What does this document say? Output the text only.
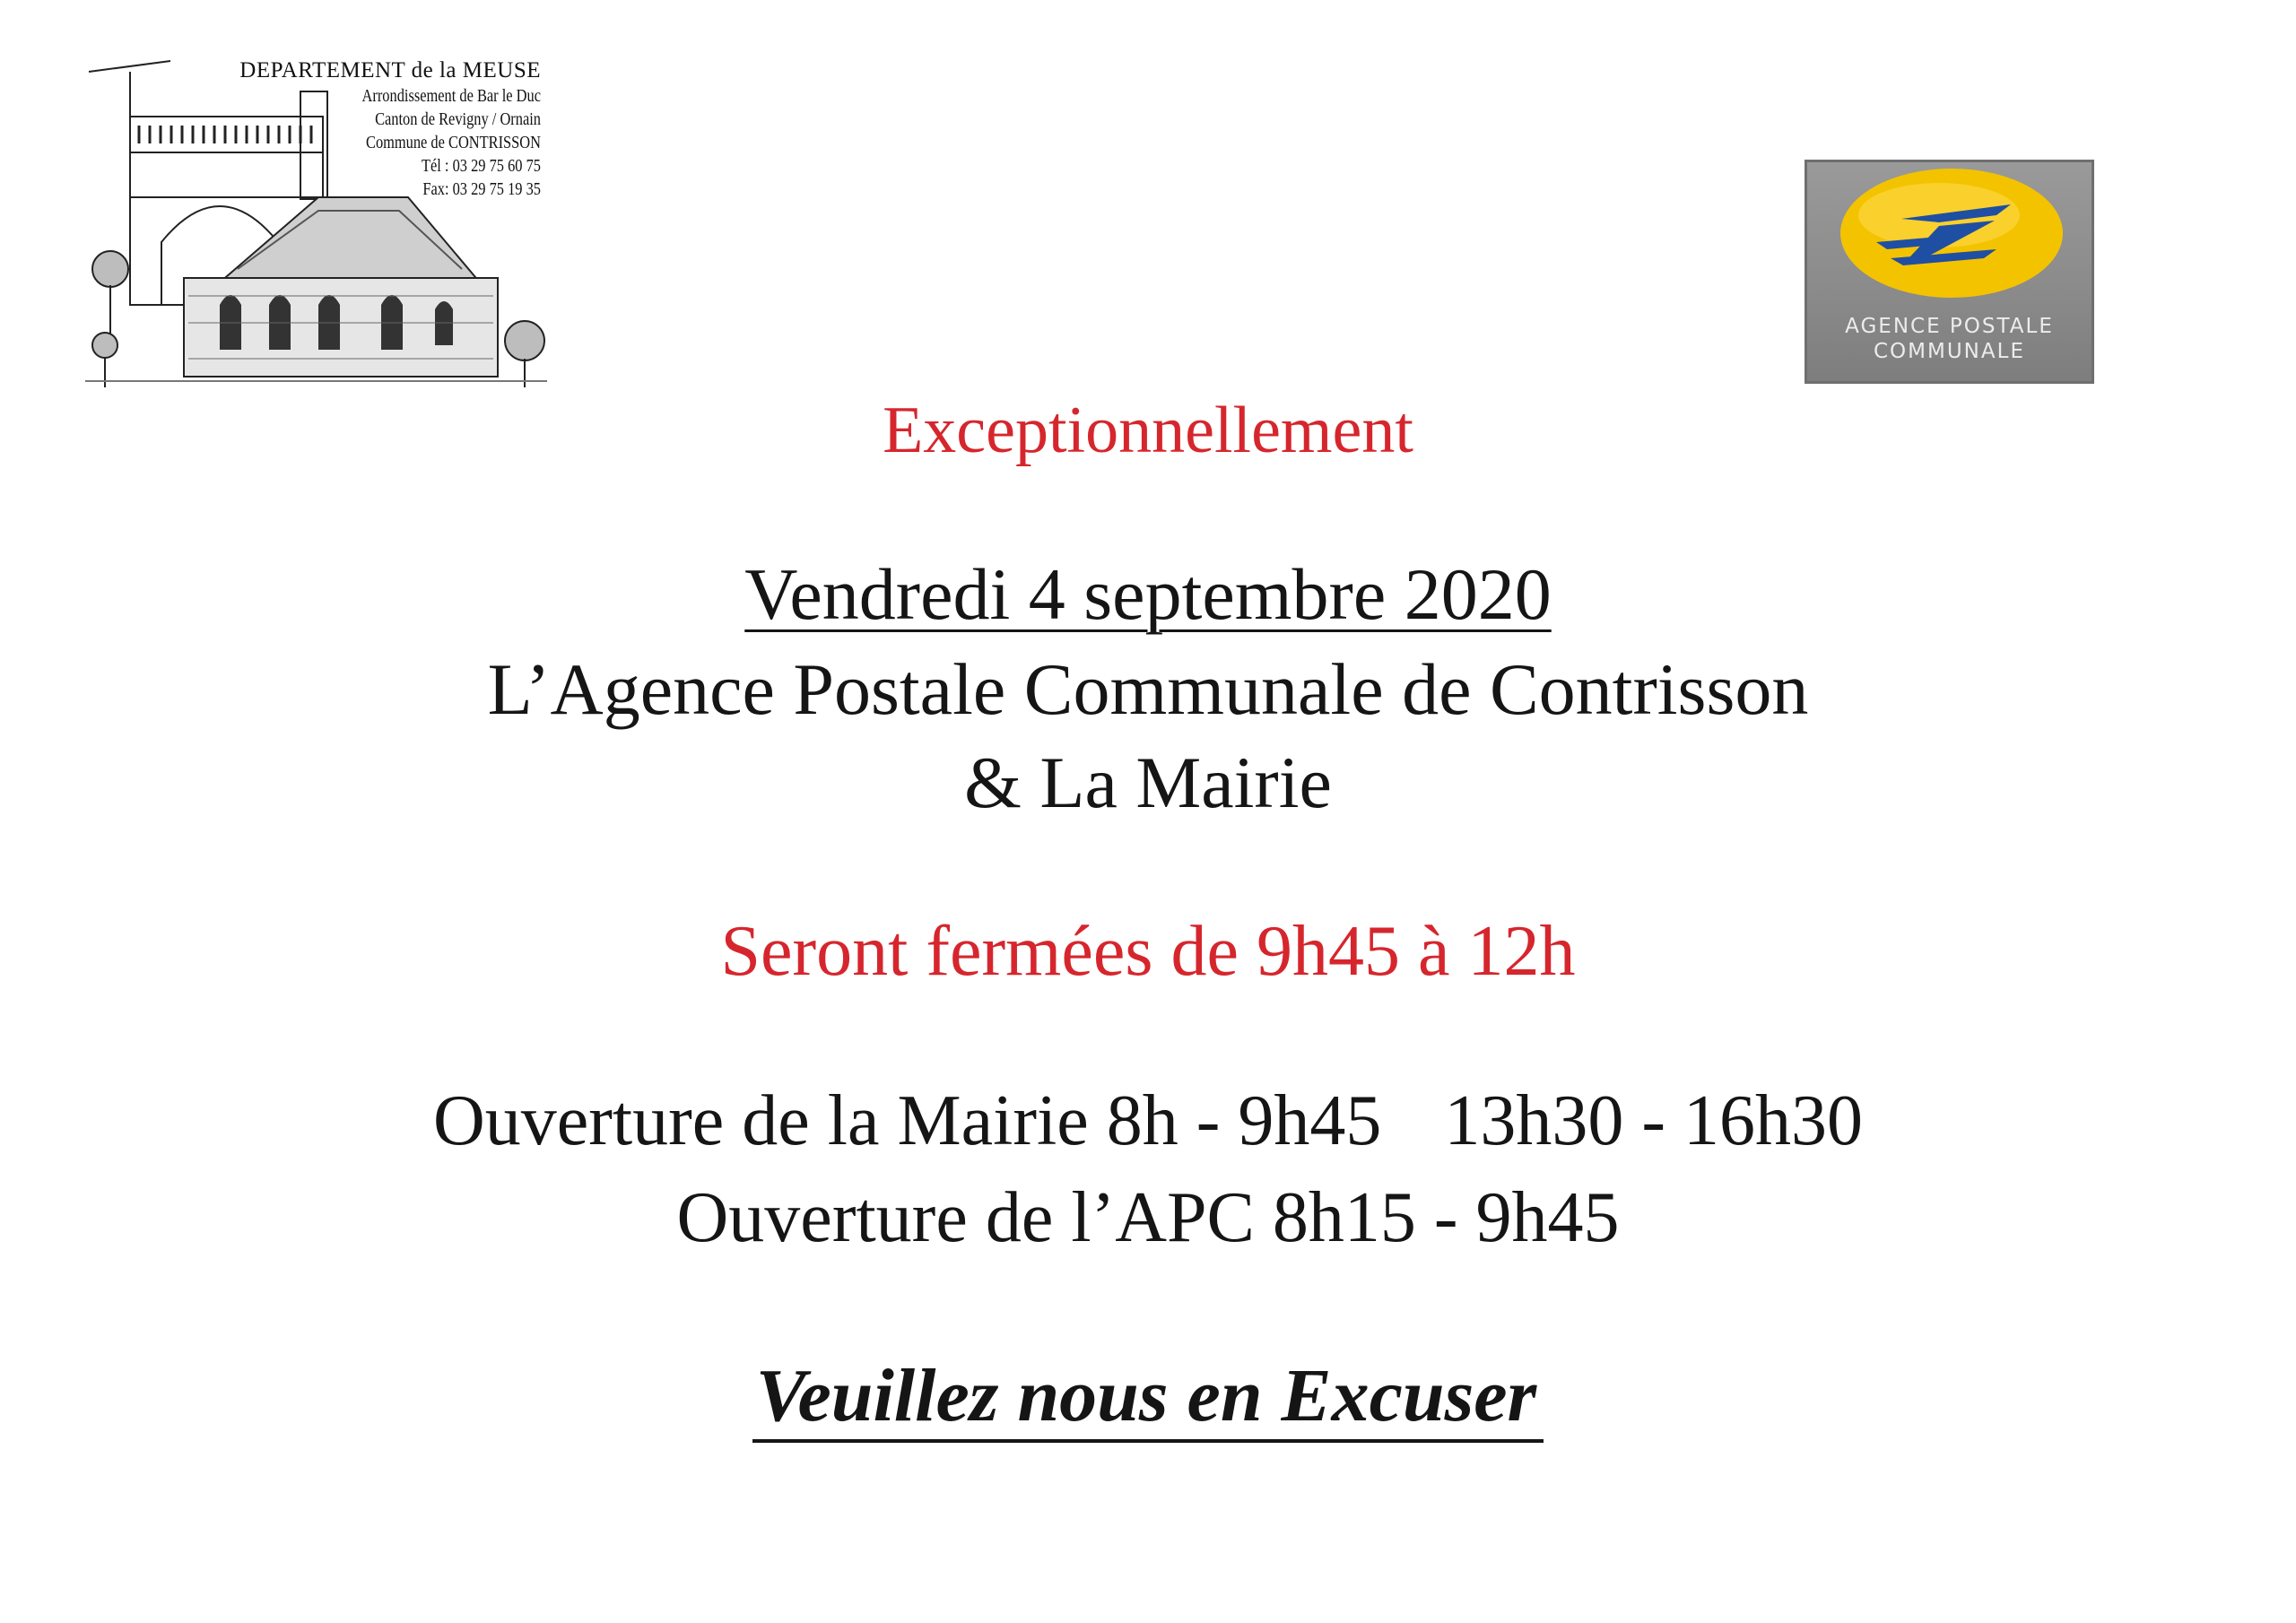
DEPARTEMENT de la MEUSE
Arrondissement de Bar le Duc
Canton de Revigny / Ornain
Commune de CONTRISSON
Tél : 03 29 75 60 75
Fax: 03 29 75 19 35
AGENCE POSTALE
COMMUNALE
Exceptionnellement
Vendredi 4 septembre 2020
L’Agence Postale Communale de Contrisson
& La Mairie
Seront fermées de 9h45 à 12h
Ouverture de la Mairie 8h - 9h45 13h30 - 16h30
Ouverture de l’APC 8h15 - 9h45
Veuillez nous en Excuser
